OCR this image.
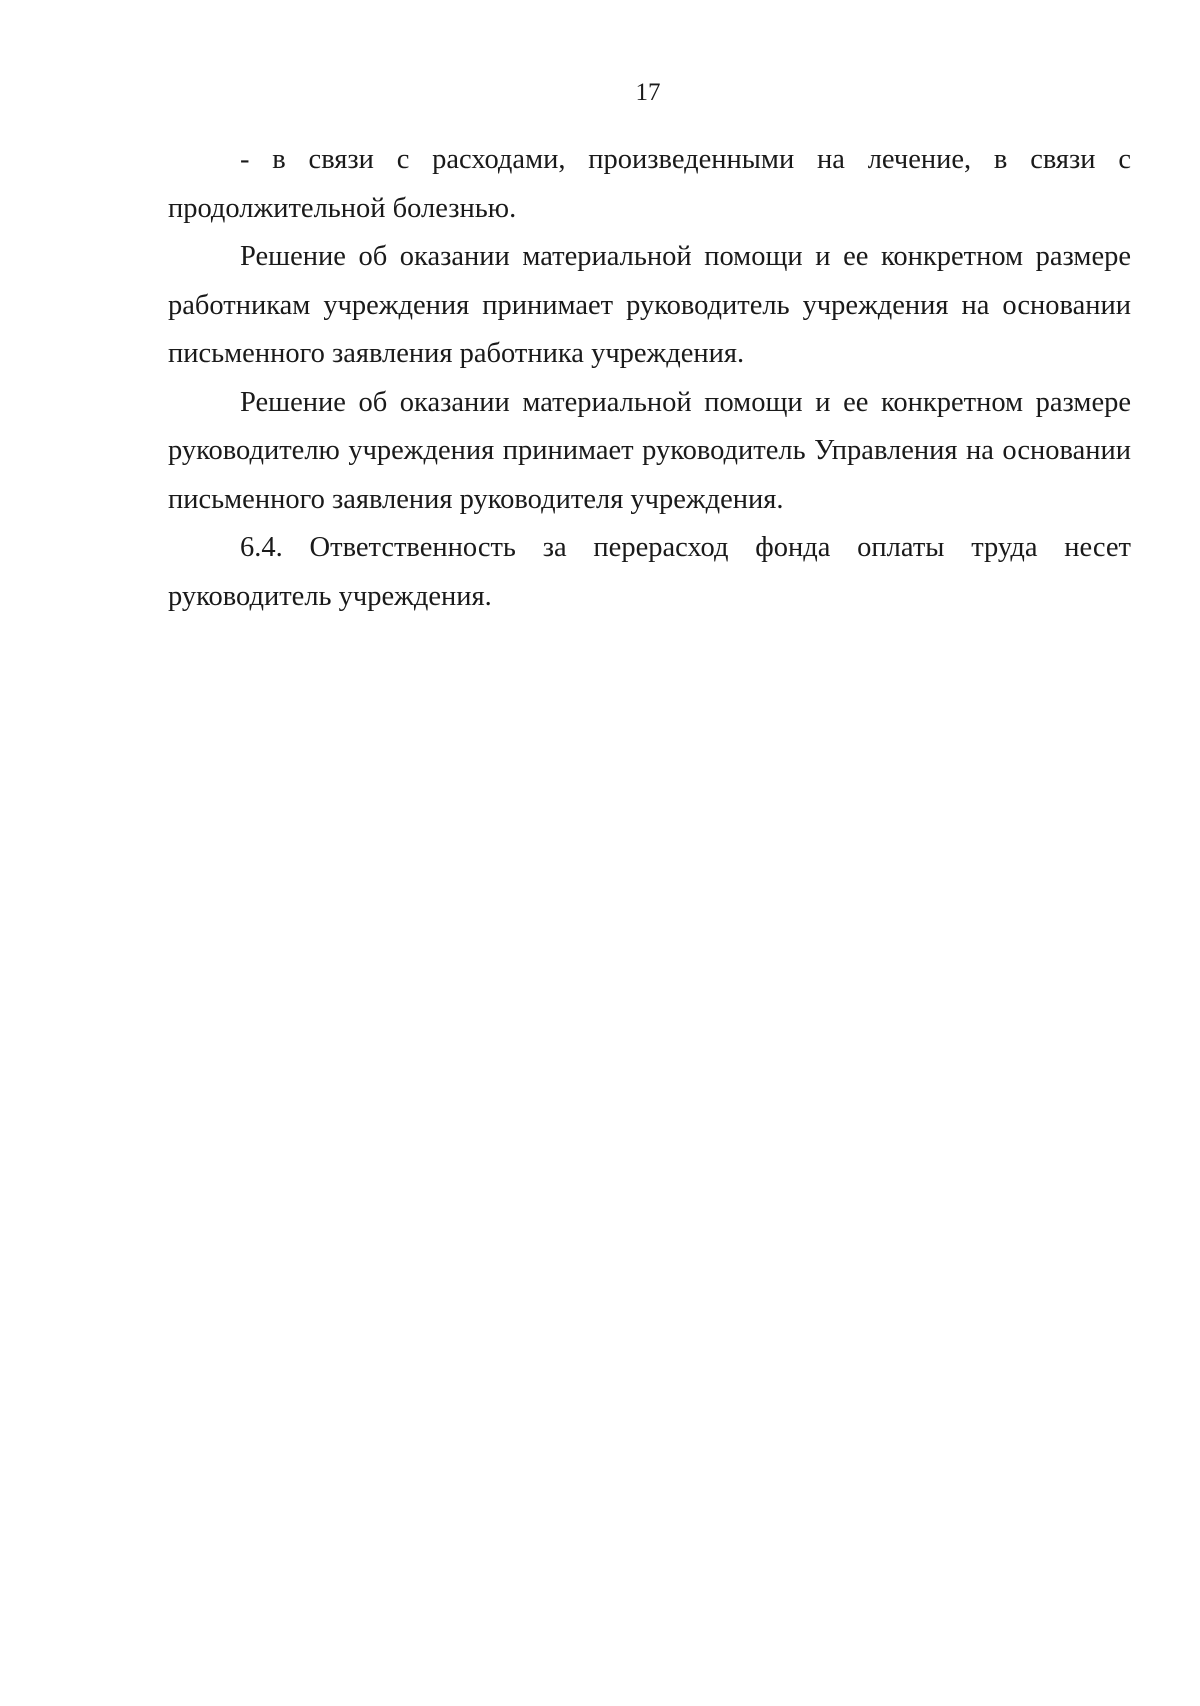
17

- в связи с расходами, произведенными на лечение, в связи с продолжительной болезнью.

Решение об оказании материальной помощи и ее конкретном размере работникам учреждения принимает руководитель учреждения на основании письменного заявления работника учреждения.

Решение об оказании материальной помощи и ее конкретном размере руководителю учреждения принимает руководитель Управления на основании письменного заявления руководителя учреждения.

6.4. Ответственность за перерасход фонда оплаты труда несет руководитель учреждения.
